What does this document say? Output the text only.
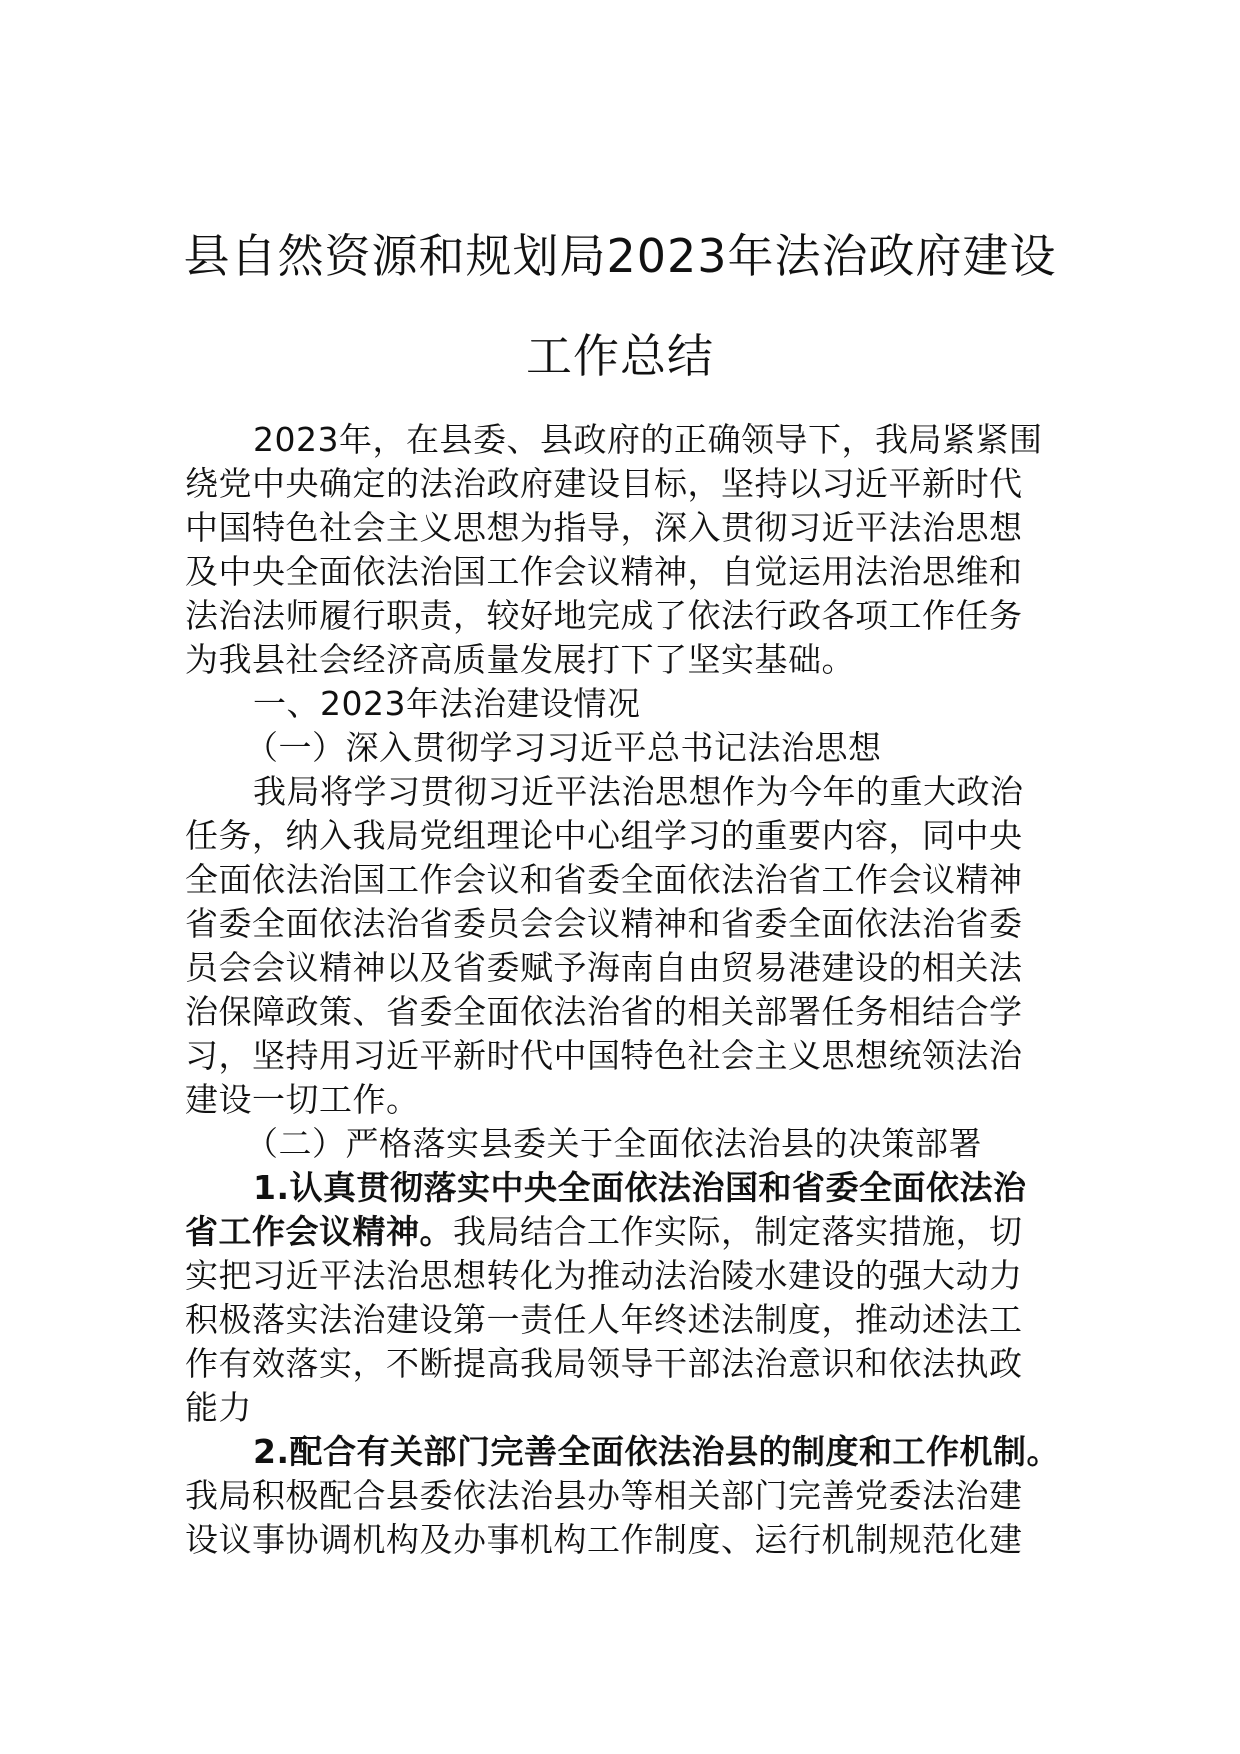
县自然资源和规划局2023年法治政府建设
工作总结
2023年，在县委、县政府的正确领导下，我局紧紧围
绕党中央确定的法治政府建设目标，坚持以习近平新时代
中国特色社会主义思想为指导，深入贯彻习近平法治思想
及中央全面依法治国工作会议精神，自觉运用法治思维和
法治法师履行职责，较好地完成了依法行政各项工作任务
为我县社会经济高质量发展打下了坚实基础。
一、2023年法治建设情况
（一）深入贯彻学习习近平总书记法治思想
我局将学习贯彻习近平法治思想作为今年的重大政治
任务，纳入我局党组理论中心组学习的重要内容，同中央
全面依法治国工作会议和省委全面依法治省工作会议精神
省委全面依法治省委员会会议精神和省委全面依法治省委
员会会议精神以及省委赋予海南自由贸易港建设的相关法
治保障政策、省委全面依法治省的相关部署任务相结合学
习，坚持用习近平新时代中国特色社会主义思想统领法治
建设一切工作。
（二）严格落实县委关于全面依法治县的决策部署
1.认真贯彻落实中央全面依法治国和省委全面依法治
省工作会议精神。我局结合工作实际，制定落实措施，切
实把习近平法治思想转化为推动法治陵水建设的强大动力
积极落实法治建设第一责任人年终述法制度，推动述法工
作有效落实，不断提高我局领导干部法治意识和依法执政
能力
2.配合有关部门完善全面依法治县的制度和工作机制。
我局积极配合县委依法治县办等相关部门完善党委法治建
设议事协调机构及办事机构工作制度、运行机制规范化建
